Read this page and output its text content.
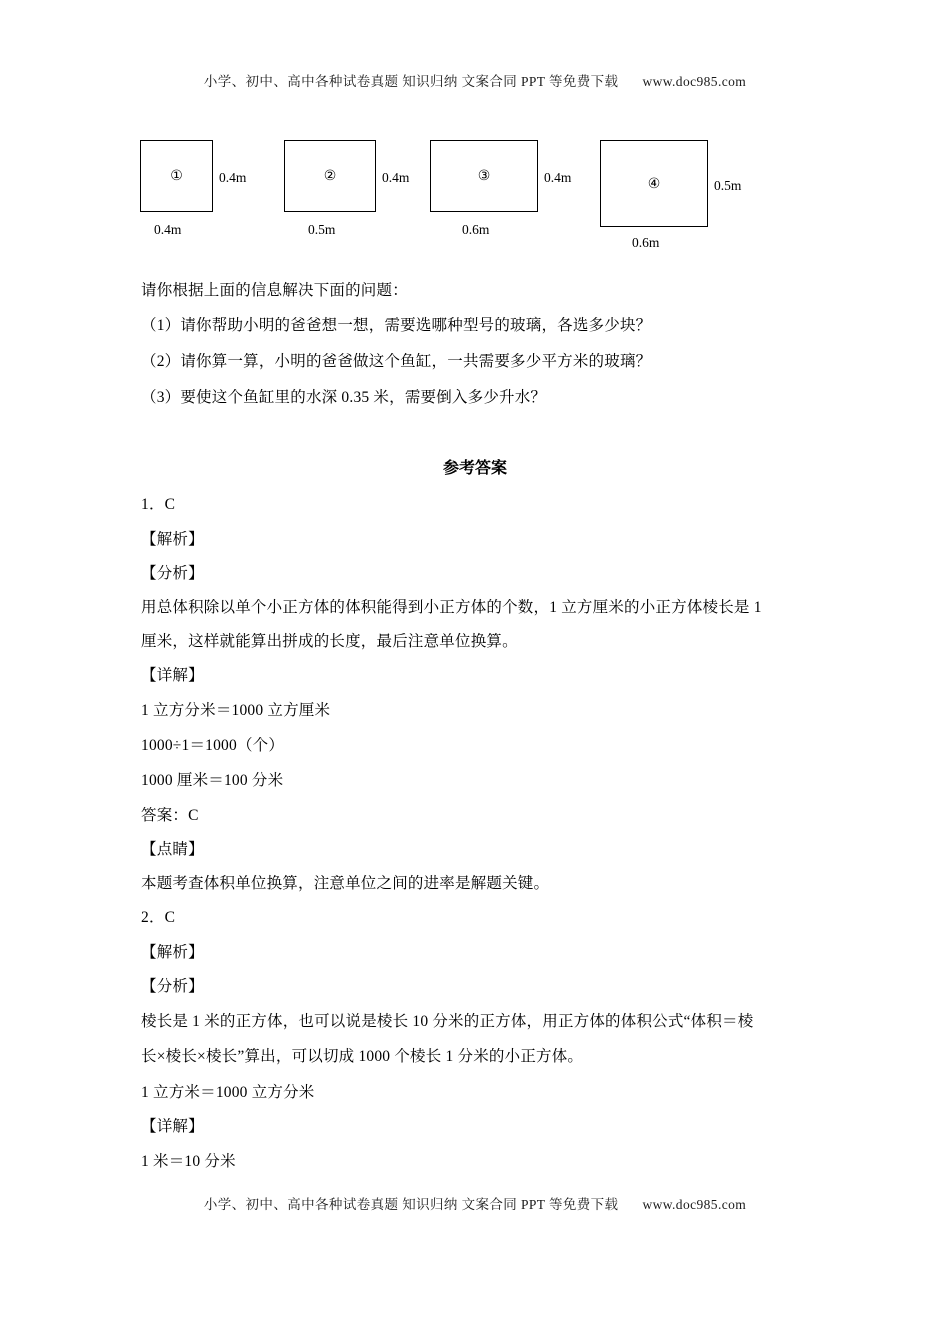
小学、初中、高中各种试卷真题 知识归纳 文案合同 PPT 等免费下载 www.doc985.com
①	0.4m
0.4m
②	0.4m
0.5m
③	0.4m
0.6m
④	0.5m
0.6m
请你根据上面的信息解决下面的问题：
（1）请你帮助小明的爸爸想一想，需要选哪种型号的玻璃，各选多少块？
（2）请你算一算，小明的爸爸做这个鱼缸，一共需要多少平方米的玻璃？
（3）要使这个鱼缸里的水深 0.35 米，需要倒入多少升水？
参考答案
1．C
【解析】
【分析】
用总体积除以单个小正方体的体积能得到小正方体的个数，1 立方厘米的小正方体棱长是 1
厘米，这样就能算出拼成的长度，最后注意单位换算。
【详解】
1 立方分米＝1000 立方厘米
1000÷1＝1000（个）
1000 厘米＝100 分米
答案：C
【点睛】
本题考查体积单位换算，注意单位之间的进率是解题关键。
2．C
【解析】
【分析】
棱长是 1 米的正方体，也可以说是棱长 10 分米的正方体，用正方体的体积公式“体积＝棱
长×棱长×棱长”算出，可以切成 1000 个棱长 1 分米的小正方体。
1 立方米＝1000 立方分米
【详解】
1 米＝10 分米
小学、初中、高中各种试卷真题 知识归纳 文案合同 PPT 等免费下载 www.doc985.com
